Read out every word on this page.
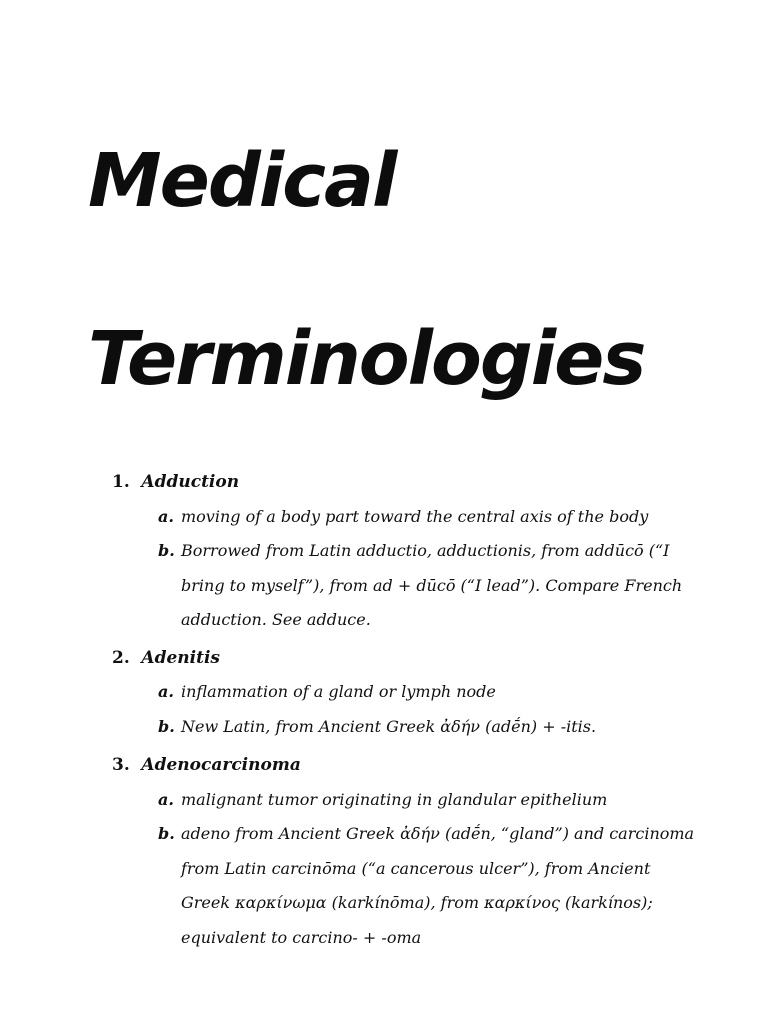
Medical
Terminologies
1. Adduction
a. moving of a body part toward the central axis of the body
b. Borrowed from Latin adductio, adductionis, from addūcō (“I bring to myself”), from ad + dūcō (“I lead”). Compare French adduction. See adduce.
2. Adenitis
a. inflammation of a gland or lymph node
b. New Latin, from Ancient Greek ἀδήν (adḗn) + -itis.
3. Adenocarcinoma
a. malignant tumor originating in glandular epithelium
b. adeno from Ancient Greek ἀδήν (adḗn, “gland”) and carcinoma from Latin carcinōma (“a cancerous ulcer”), from Ancient Greek καρκίνωμα (karkínōma), from καρκίνος (karkínos); equivalent to carcino- + -oma
